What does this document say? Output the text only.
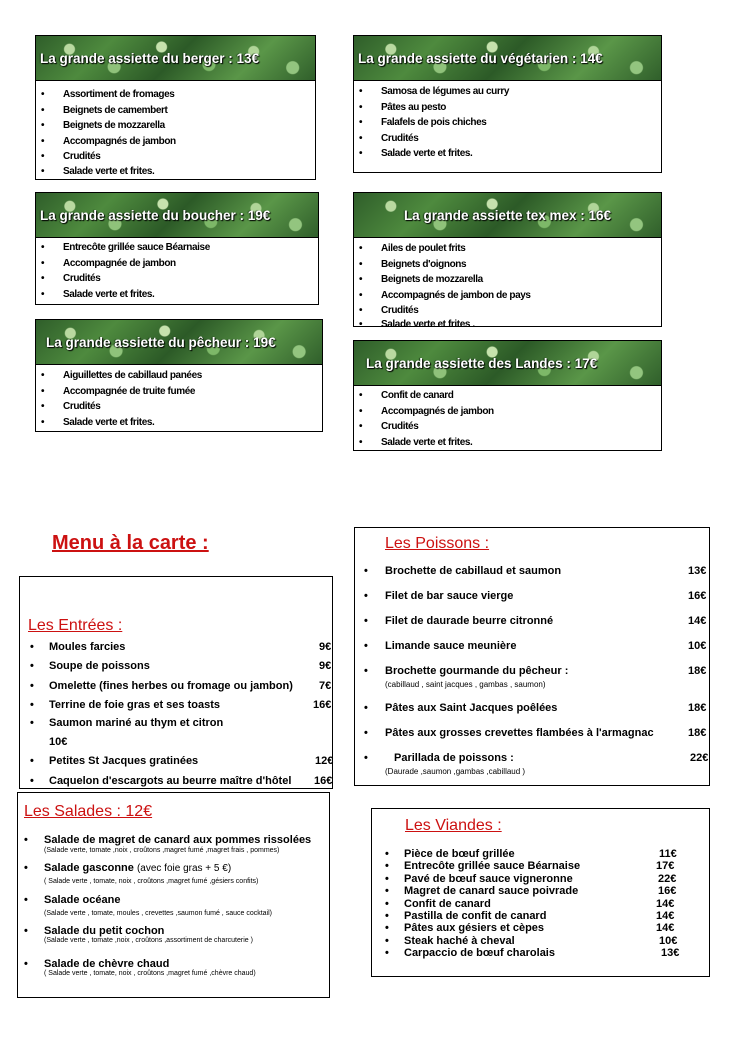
La grande assiette du berger : 13€
• Assortiment de fromages
• Beignets de camembert
• Beignets de mozzarella
• Accompagnés de jambon
• Crudités
• Salade verte et frites.
La grande assiette du végétarien : 14€
• Samosa de légumes au curry
• Pâtes au pesto
• Falafels de pois chiches
• Crudités
• Salade verte et frites.
La grande assiette du boucher : 19€
• Entrecôte grillée sauce Béarnaise
• Accompagnée de jambon
• Crudités
• Salade verte et frites.
La grande assiette tex mex : 16€
• Ailes de poulet frits
• Beignets d'oignons
• Beignets de mozzarella
• Accompagnés de jambon de pays
• Crudités
• Salade verte et frites .
La grande assiette du pêcheur : 19€
• Aiguillettes de cabillaud panées
• Accompagnée de truite fumée
• Crudités
• Salade verte et frites.
La grande assiette des Landes : 17€
• Confit de canard
• Accompagnés de jambon
• Crudités
• Salade verte et frites.
Menu à la carte :
Les Entrées :
• Moules farcies	9€
• Soupe de poissons	9€
• Omelette (fines herbes ou fromage ou jambon) 7€
• Terrine de foie gras et ses toasts	16€
• Saumon mariné au thym et citron
10€
• Petites St Jacques gratinées	12€
• Caquelon d'escargots au beurre maître d'hôtel 16€
Les Salades : 12€
• Salade de magret de canard aux pommes rissolées
(Salade verte, tomate ,noix , croûtons ,magret fumé ,magret frais , pommes)
• Salade gasconne (avec foie gras + 5 €)
( Salade verte , tomate, noix , croûtons ,magret fumé ,gésiers confits)
• Salade océane
(Salade verte , tomate, moules , crevettes ,saumon fumé , sauce cocktail)
• Salade du petit cochon
(Salade verte , tomate ,noix , croûtons ,assortiment de charcuterie )
• Salade de chèvre chaud
( Salade verte , tomate, noix , croûtons ,magret fumé ,chèvre chaud)
Les Poissons :
• Brochette de cabillaud et saumon	13€
• Filet de bar sauce vierge	16€
• Filet de daurade beurre citronné	14€
• Limande sauce meunière	10€
• Brochette gourmande du pêcheur :	18€
(cabillaud , saint jacques , gambas , saumon)
• Pâtes aux Saint Jacques poêlées	18€
• Pâtes aux grosses crevettes flambées à l'armagnac	18€
• Parillada de poissons :	22€
(Daurade ,saumon ,gambas ,cabillaud )
Les Viandes :
• Pièce de bœuf grillée	11€
• Entrecôte grillée sauce Béarnaise	17€
• Pavé de bœuf sauce vigneronne	22€
• Magret de canard sauce poivrade	16€
• Confit de canard	14€
• Pastilla de confit de canard	14€
• Pâtes aux gésiers et cèpes	14€
• Steak haché à cheval	10€
• Carpaccio de bœuf charolais	13€
